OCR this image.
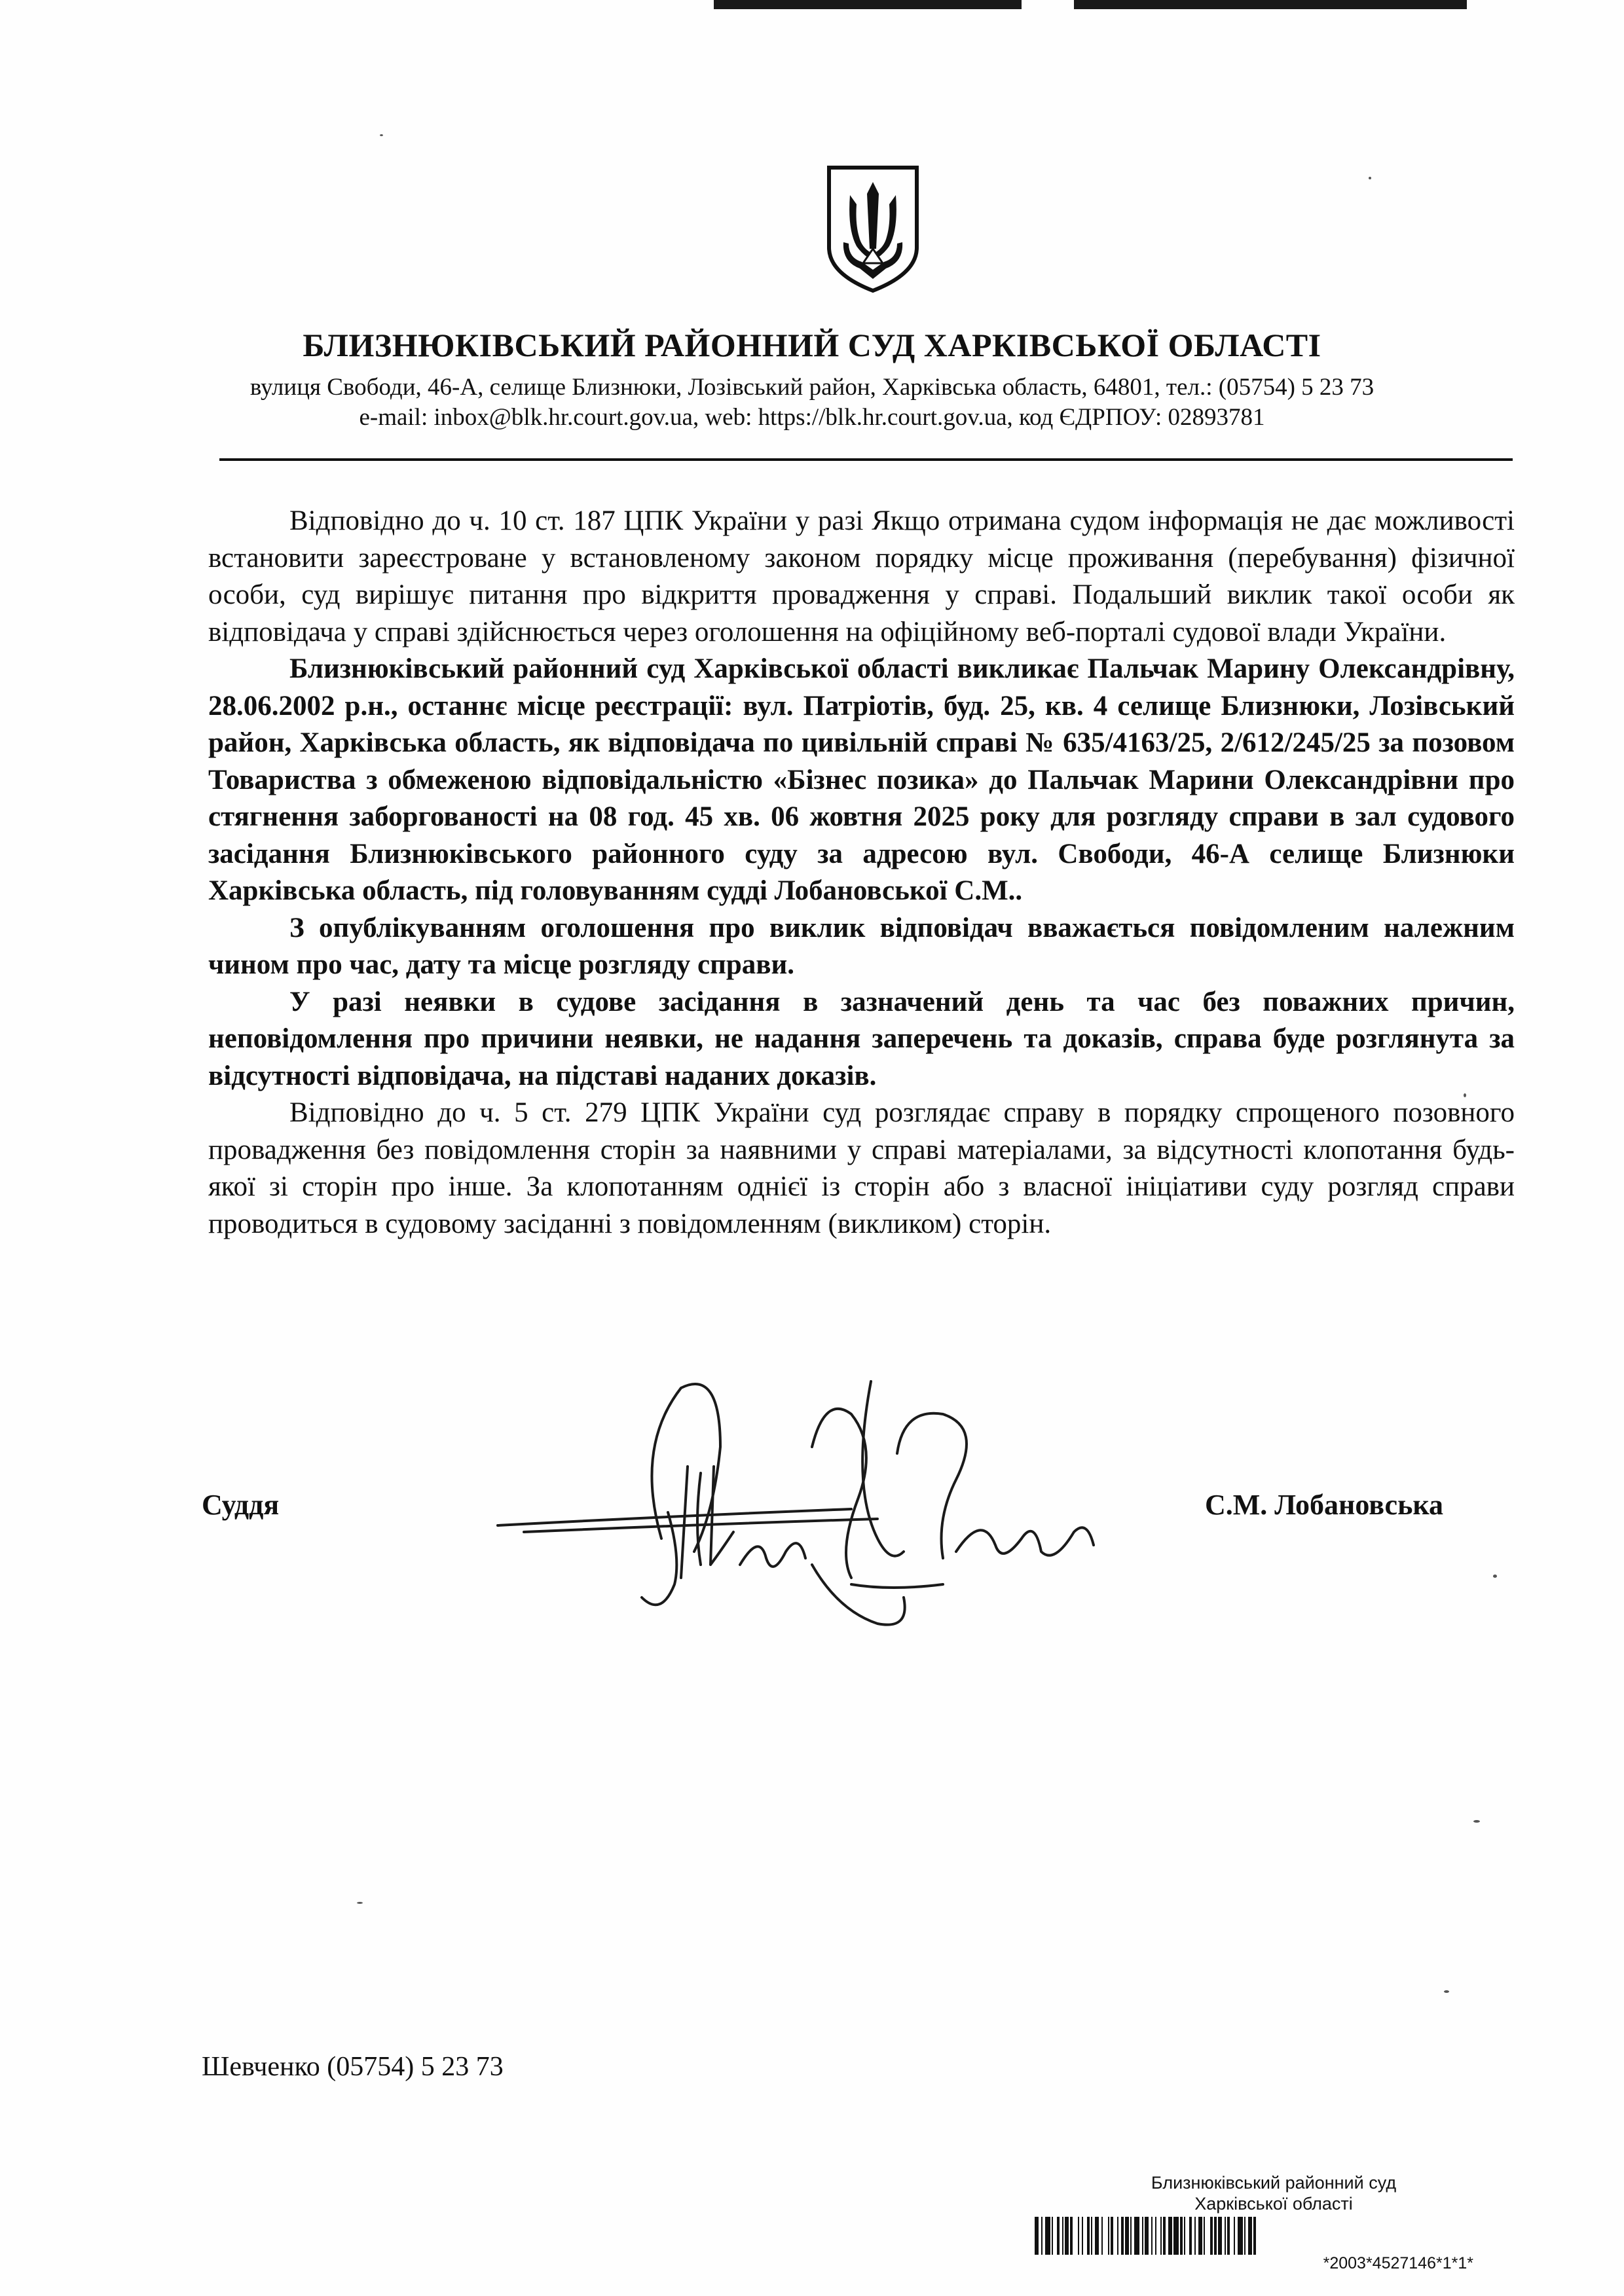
БЛИЗНЮКІВСЬКИЙ РАЙОННИЙ СУД ХАРКІВСЬКОЇ ОБЛАСТІ
вулиця Свободи, 46-А, селище Близнюки, Лозівський район, Харківська область, 64801, тел.: (05754) 5 23 73
e-mail: inbox@blk.hr.court.gov.ua, web: https://blk.hr.court.gov.ua, код ЄДРПОУ: 02893781

Відповідно до ч. 10 ст. 187 ЦПК України у разі Якщо отримана судом інформація не дає можливості встановити зареєстроване у встановленому законом порядку місце проживання (перебування) фізичної особи, суд вирішує питання про відкриття провадження у справі. Подальший виклик такої особи як відповідача у справі здійснюється через оголошення на офіційному веб-порталі судової влади України.

Близнюківський районний суд Харківської області викликає Пальчак Марину Олександрівну, 28.06.2002 р.н., останнє місце реєстрації: вул. Патріотів, буд. 25, кв. 4 селище Близнюки, Лозівський район, Харківська область, як відповідача по цивільній справі № 635/4163/25, 2/612/245/25 за позовом Товариства з обмеженою відповідальністю «Бізнес позика» до Пальчак Марини Олександрівни про стягнення заборгованості на 08 год. 45 хв. 06 жовтня 2025 року для розгляду справи в зал судового засідання Близнюківського районного суду за адресою вул. Свободи, 46-А селище Близнюки Харківська область, під головуванням судді Лобановської С.М..

З опублікуванням оголошення про виклик відповідач вважається повідомленим належним чином про час, дату та місце розгляду справи.

У разі неявки в судове засідання в зазначений день та час без поважних причин, неповідомлення про причини неявки, не надання заперечень та доказів, справа буде розглянута за відсутності відповідача, на підставі наданих доказів.

Відповідно до ч. 5 ст. 279 ЦПК України суд розглядає справу в порядку спрощеного позовного провадження без повідомлення сторін за наявними у справі матеріалами, за відсутності клопотання будь-якої зі сторін про інше. За клопотанням однієї із сторін або з власної ініціативи суду розгляд справи проводиться в судовому засіданні з повідомленням (викликом) сторін.

Суддя	С.М. Лобановська
Шевченко (05754) 5 23 73
Близнюківський районний суд
Харківської області
*2003*4527146*1*1*
